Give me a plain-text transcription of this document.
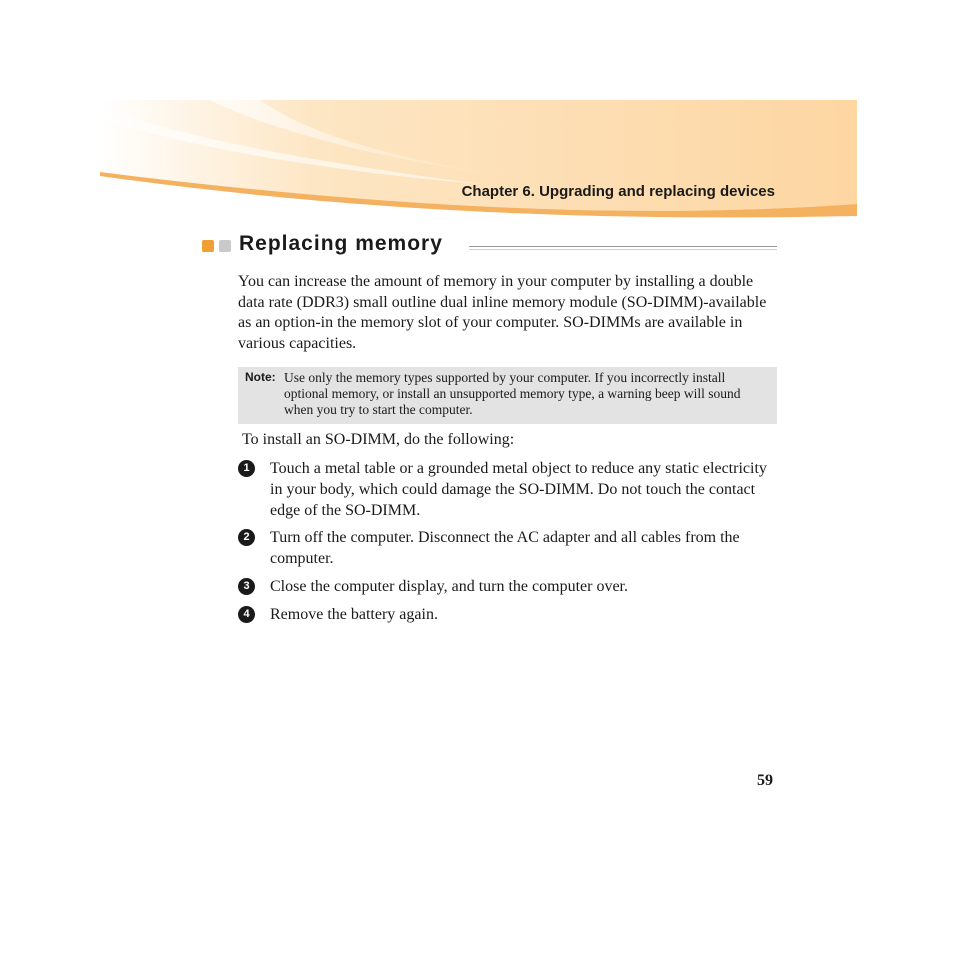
Chapter 6. Upgrading and replacing devices
Replacing memory

You can increase the amount of memory in your computer by installing a double data rate (DDR3) small outline dual inline memory module (SO-DIMM)-available as an option-in the memory slot of your computer. SO-DIMMs are available in various capacities.

Note: Use only the memory types supported by your computer. If you incorrectly install optional memory, or install an unsupported memory type, a warning beep will sound when you try to start the computer.

To install an SO-DIMM, do the following:

1	Touch a metal table or a grounded metal object to reduce any static electricity in your body, which could damage the SO-DIMM. Do not touch the contact edge of the SO-DIMM.

2	Turn off the computer. Disconnect the AC adapter and all cables from the computer.

3	Close the computer display, and turn the computer over.

4	Remove the battery again.

59
